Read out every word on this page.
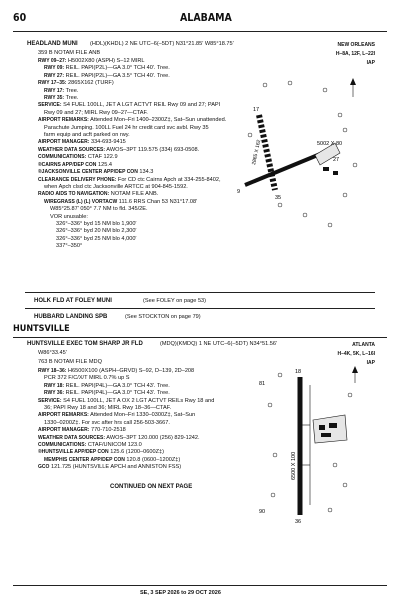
60	ALABAMA
HEADLAND MUNI (HDL)(KHDL) 2 NE UTC–6(–5DT) N31°21.85′ W85°18.75′	NEW ORLEANS
H–8A, 12F, L–22I
IAP
359 B NOTAM FILE ANB
RWY 09–27: H5002X80 (ASPH) S–12 MIRL
RWY 09: REIL. PAPI(P2L)—GA 3.0° TCH 40′. Tree.
RWY 27: REIL. PAPI(P2L)—GA 3.5° TCH 40′. Tree.
RWY 17–35: 2865X162 (TURF)
RWY 17: Tree.
RWY 35: Tree.
SERVICE: S4 FUEL 100LL, JET A LGT ACTVT REIL Rwy 09 and 27; PAPI
Rwy 09 and 27; MIRL Rwy 09–27—CTAF.
AIRPORT REMARKS: Attended Mon–Fri 1400–2300Z‡, Sat–Sun unattended.
Parachute Jumping. 100LL Fuel 24 hr credit card svc avbl. Rwy 35
farm equip and acft parked on rwy.
AIRPORT MANAGER: 334-693-9415
WEATHER DATA SOURCES: AWOS–3PT 119.575 (334) 693-0508.
COMMUNICATIONS: CTAF 122.9
®CAIRNS APP/DEP CON 125.4
®JACKSONVILLE CENTER APP/DEP CON 134.3
CLEARANCE DELIVERY PHONE: For CD ctc Cairns Apch at 334-255-8402,
when Apch clsd ctc Jacksonville ARTCC at 904-845-1592.
RADIO AIDS TO NAVIGATION: NOTAM FILE ANB.
WIREGRASS (L) (L) VORTACW 111.6 RRS Chan 53 N31°17.08′
W85°25.87′ 050° 7.7 NM to fld. 345/2E.
VOR unusable:
326°–336° byd 15 NM blo 1,900′
326°–336° byd 20 NM blo 2,300′
326°–336° byd 25 NM blo 4,000′
337°–350°
5002 X 80
2865 X 162
9
27
17
35
HOLK FLD AT FOLEY MUNI	(See FOLEY on page 53)
HUBBARD LANDING SPB	(See STOCKTON on page 79)
HUNTSVILLE
HUNTSVILLE EXEC TOM SHARP JR FLD	(MDQ)(KMDQ) 1 NE UTC–6(–5DT) N34°51.56′
W86°33.45′
ATLANTA
H–4K, 5K, L–16I
IAP
763 B NOTAM FILE MDQ
RWY 18–36: H6500X100 (ASPH–GRVD) S–92, D–139, 2D–208
PCR 372 F/C/X/T MIRL 0.7% up S
RWY 18: REIL. PAPI(P4L)—GA 3.0° TCH 43′. Tree.
RWY 36: REIL. PAPI(P4L)—GA 3.0° TCH 43′. Tree.
SERVICE: S4 FUEL 100LL, JET A OX 2 LGT ACTVT REILs Rwy 18 and
36; PAPI Rwy 18 and 36; MIRL Rwy 18–36—CTAF.
AIRPORT REMARKS: Attended Mon–Fri 1330–0300Z‡, Sat–Sun
1330–0200Z‡. For svc after hrs call 256-503-3667.
AIRPORT MANAGER: 770-710-2518
WEATHER DATA SOURCES: AWOS–3PT 120.000 (256) 829-1242.
COMMUNICATIONS: CTAF/UNICOM 123.0
®HUNTSVILLE APP/DEP CON 125.6 (1200–0600Z‡)
MEMPHIS CENTER APP/DEP CON 120.8 (0600–1200Z‡)
GCO 121.725 (HUNTSVILLE APCH and ANNISTON FSS)	6500 X 100
18
36
81
90
CONTINUED ON NEXT PAGE
SE, 3 SEP 2026 to 29 OCT 2026
